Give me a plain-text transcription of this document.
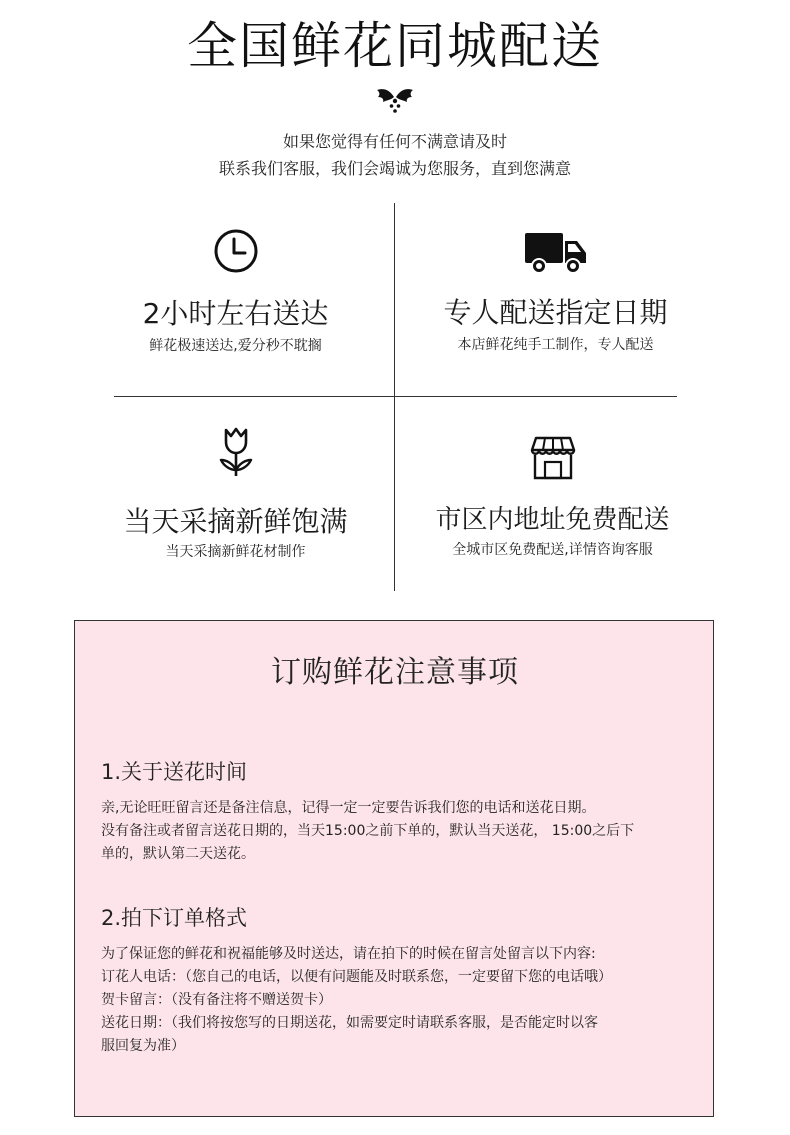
全国鲜花同城配送
如果您觉得有任何不满意请及时
联系我们客服，我们会竭诚为您服务，直到您满意
2小时左右送达
鲜花极速送达,爱分秒不耽搁
专人配送指定日期
本店鲜花纯手工制作，专人配送
当天采摘新鲜饱满
当天采摘新鲜花材制作
市区内地址免费配送
全城市区免费配送,详情咨询客服
订购鲜花注意事项
1.关于送花时间
亲,无论旺旺留言还是备注信息，记得一定一定要告诉我们您的电话和送花日期。
没有备注或者留言送花日期的，当天15:00之前下单的，默认当天送花， 15:00之后下
单的，默认第二天送花。
2.拍下订单格式
为了保证您的鲜花和祝福能够及时送达，请在拍下的时候在留言处留言以下内容:
订花人电话：（您自己的电话，以便有问题能及时联系您，一定要留下您的电话哦）
贺卡留言：（没有备注将不赠送贺卡）
送花日期：（我们将按您写的日期送花，如需要定时请联系客服，是否能定时以客
服回复为准）
